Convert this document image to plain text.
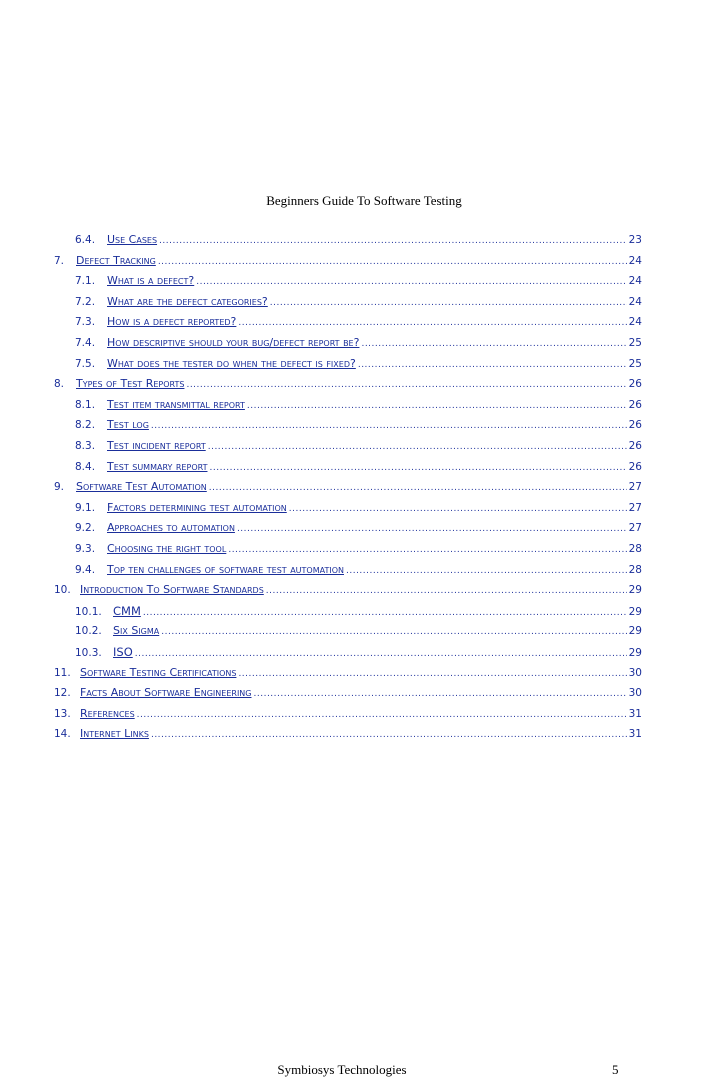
Beginners Guide To Software Testing
6.4.	Use Cases .....	23
7.	Defect Tracking .....	24
7.1.	What is a defect? .....	24
7.2.	What are the defect categories? .....	24
7.3.	How is a defect reported? .....	24
7.4.	How descriptive should your bug/defect report be? .....	25
7.5.	What does the tester do when the defect is fixed? .....	25
8.	Types of Test Reports .....	26
8.1.	Test item transmittal report .....	26
8.2.	Test log .....	26
8.3.	Test incident report .....	26
8.4.	Test summary report .....	26
9.	Software Test Automation .....	27
9.1.	Factors determining test automation .....	27
9.2.	Approaches to automation .....	27
9.3.	Choosing the right tool .....	28
9.4.	Top ten challenges of software test automation .....	28
10. Introduction To Software Standards .....	29
10.1. CMM .....	29
10.2.	Six Sigma .....	29
10.3. ISO .....	29
11. Software Testing Certifications .....	30
12. Facts About Software Engineering .....	30
13. References .....	31
14. Internet Links .....	31
Symbiosys Technologies	5
